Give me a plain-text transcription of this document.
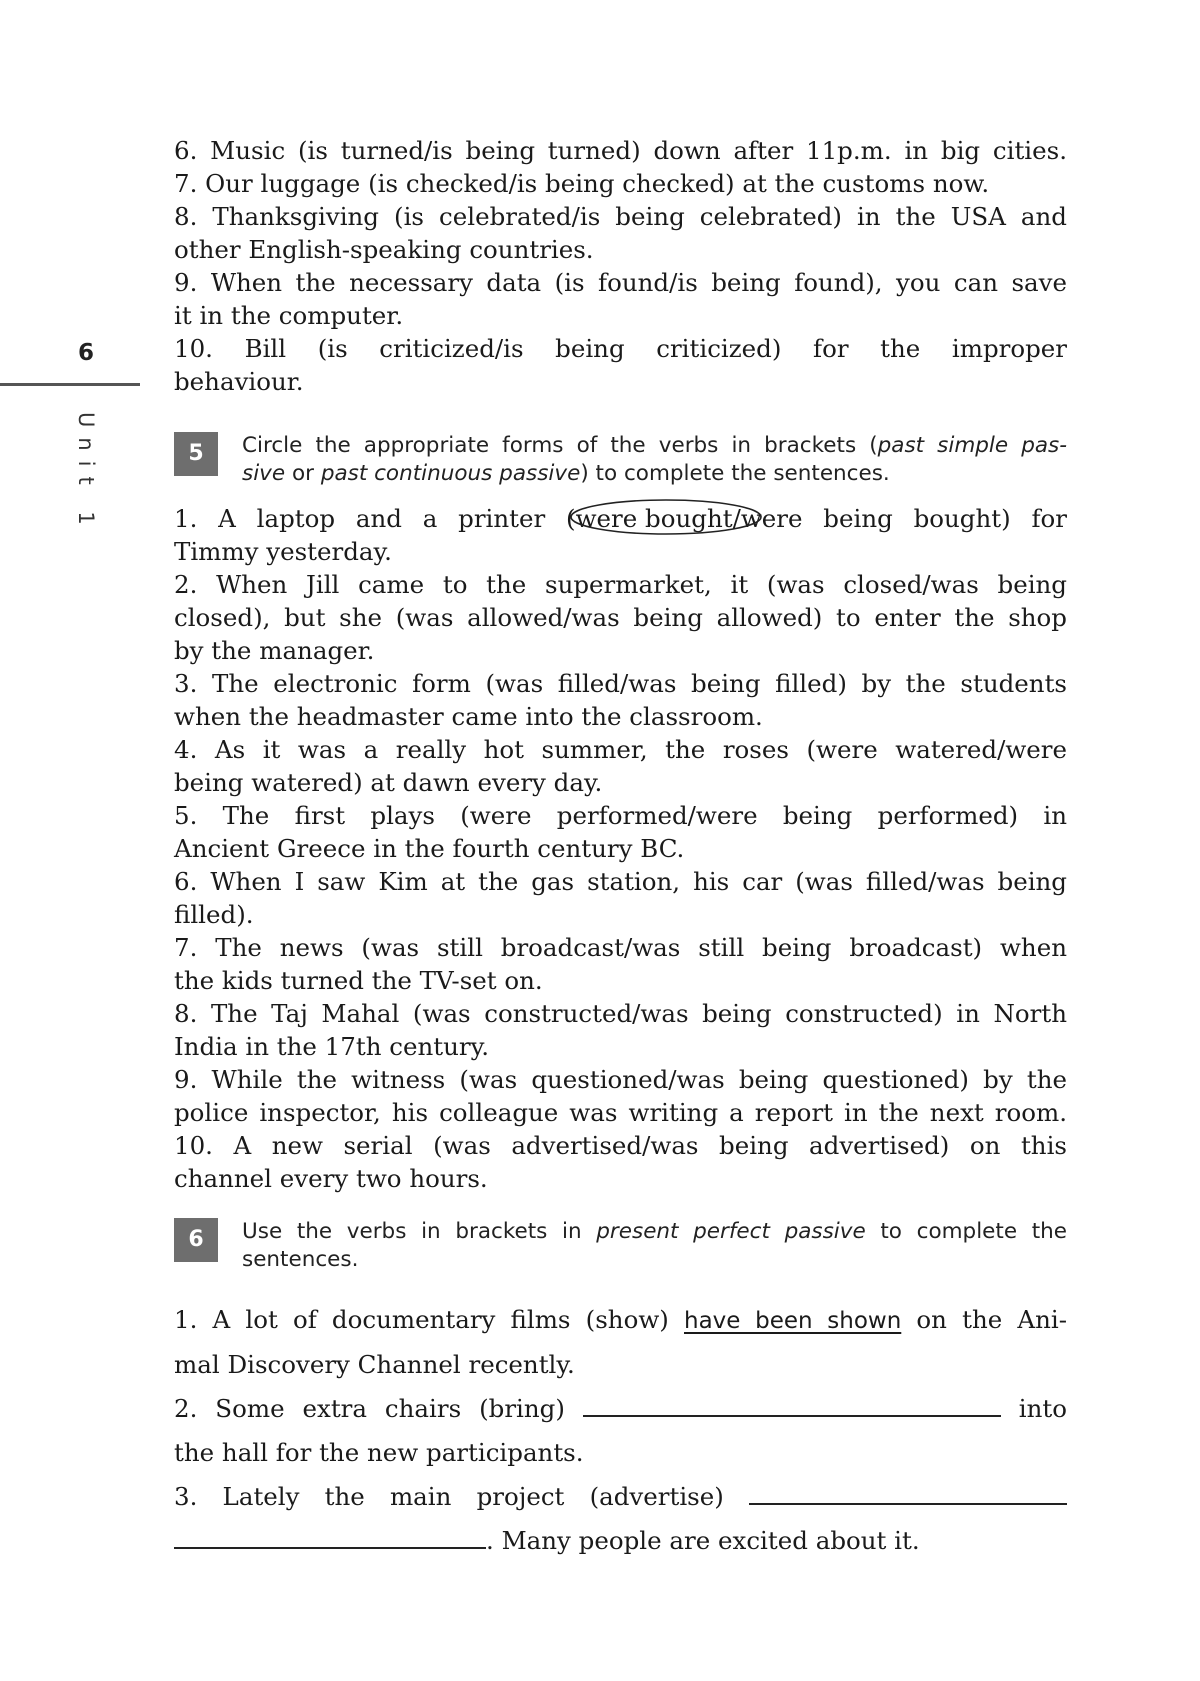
6
Unit 1
6. Music (is turned/is being turned) down after 11p.m. in big cities.
7. Our luggage (is checked/is being checked) at the customs now.
8. Thanksgiving (is celebrated/is being celebrated) in the USA and
other English-speaking countries.
9. When the necessary data (is found/is being found), you can save
it in the computer.
10. Bill (is criticized/is being criticized) for the improper
behaviour.
5	Circle the appropriate forms of the verbs in brackets (past simple pas-
sive or past continuous passive) to complete the sentences.
1. A laptop and a printer (were bought
/were being bought) for
Timmy yesterday.
2. When Jill came to the supermarket, it (was closed/was being
closed), but she (was allowed/was being allowed) to enter the shop
by the manager.
3. The electronic form (was filled/was being filled) by the students
when the headmaster came into the classroom.
4. As it was a really hot summer, the roses (were watered/were
being watered) at dawn every day.
5. The first plays (were performed/were being performed) in
Ancient Greece in the fourth century BC.
6. When I saw Kim at the gas station, his car (was filled/was being
filled).
7. The news (was still broadcast/was still being broadcast) when
the kids turned the TV-set on.
8. The Taj Mahal (was constructed/was being constructed) in North
India in the 17th century.
9. While the witness (was questioned/was being questioned) by the
police inspector, his colleague was writing a report in the next room.
10. A new serial (was advertised/was being advertised) on this
channel every two hours.
6	Use the verbs in brackets in present perfect passive to complete the
sentences.
1. A lot of documentary films (show) have been shown on the Ani-
mal Discovery Channel recently.
2. Some extra chairs (bring)	into
the hall for the new participants.
3. Lately the main project (advertise)
. Many people are excited about it.
